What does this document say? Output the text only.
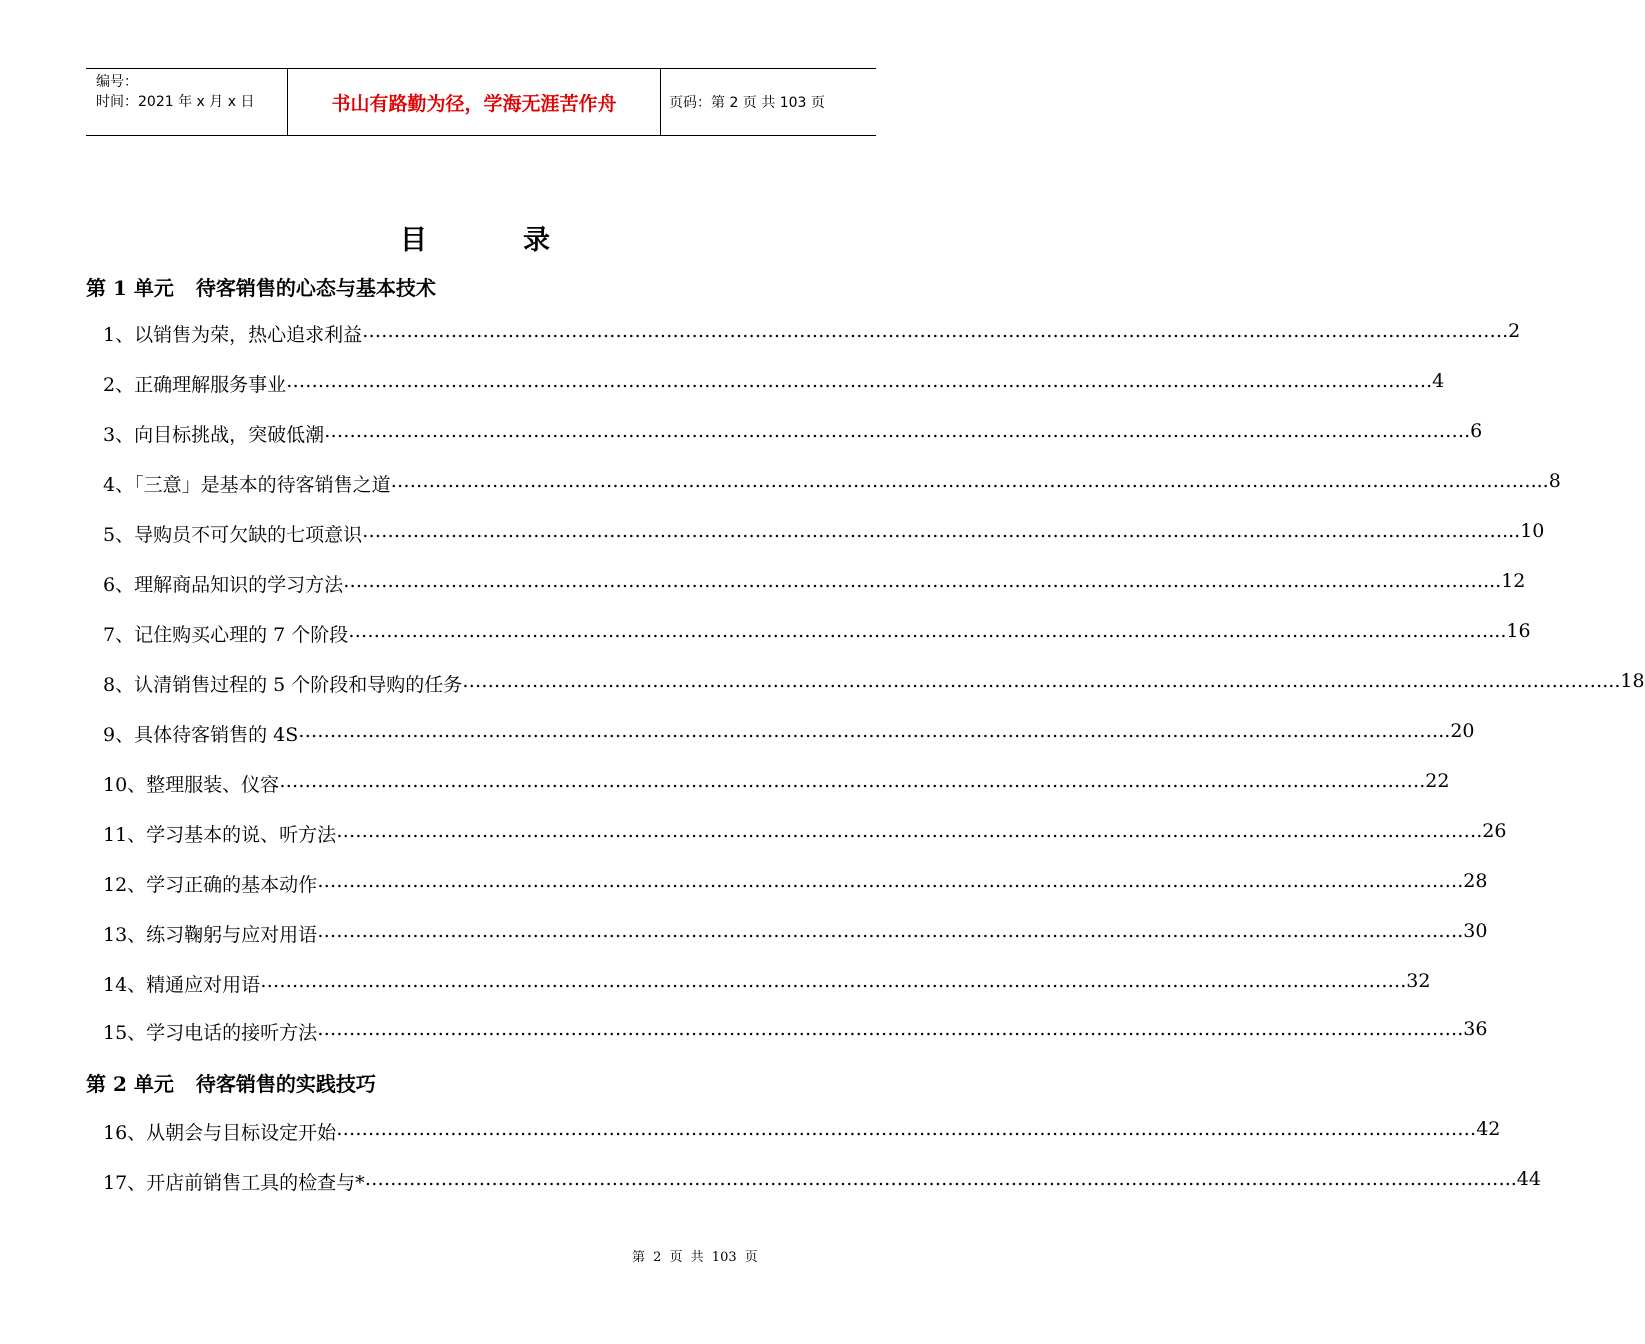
编号：
时间：2021 年 x 月 x 日	书山有路勤为径，学海无涯苦作舟	页码：第 2 页 共 103 页
目录
第 1 单元 待客销售的心态与基本技术
1、以销售为荣，热心追求利益 ……………………………………………………………………………………………………………………………………………………………… .2
2、正确理解服务事业 ……………………………………………………………………………………………………………………………………………………………… .4
3、向目标挑战，突破低潮 ……………………………………………………………………………………………………………………………………………………………… .6
4、「三意」是基本的待客销售之道 ……………………………………………………………………………………………………………………………………………………………… ...8
5、导购员不可欠缺的七项意识 ……………………………………………………………………………………………………………………………………………………………… ...10
6、理解商品知识的学习方法 ……………………………………………………………………………………………………………………………………………………………… ...12
7、记住购买心理的 7 个阶段 ……………………………………………………………………………………………………………………………………………………………… ...16
8、认清销售过程的 5 个阶段和导购的任务 ……………………………………………………………………………………………………………………………………………………………… ...18
9、具体待客销售的 4S ……………………………………………………………………………………………………………………………………………………………… ..20
10、整理服装、仪容 ……………………………………………………………………………………………………………………………………………………………… .22
11、学习基本的说、听方法 ……………………………………………………………………………………………………………………………………………………………… .26
12、学习正确的基本动作 ……………………………………………………………………………………………………………………………………………………………… .28
13、练习鞠躬与应对用语 ……………………………………………………………………………………………………………………………………………………………… .30
14、精通应对用语 ……………………………………………………………………………………………………………………………………………………………… .32
15、学习电话的接听方法 ……………………………………………………………………………………………………………………………………………………………… .36
16、从朝会与目标设定开始 ……………………………………………………………………………………………………………………………………………………………… 42
17、开店前销售工具的检查与* ……………………………………………………………………………………………………………………………………………………………… ..44
第 2 单元 待客销售的实践技巧
第 2 页 共 103 页
